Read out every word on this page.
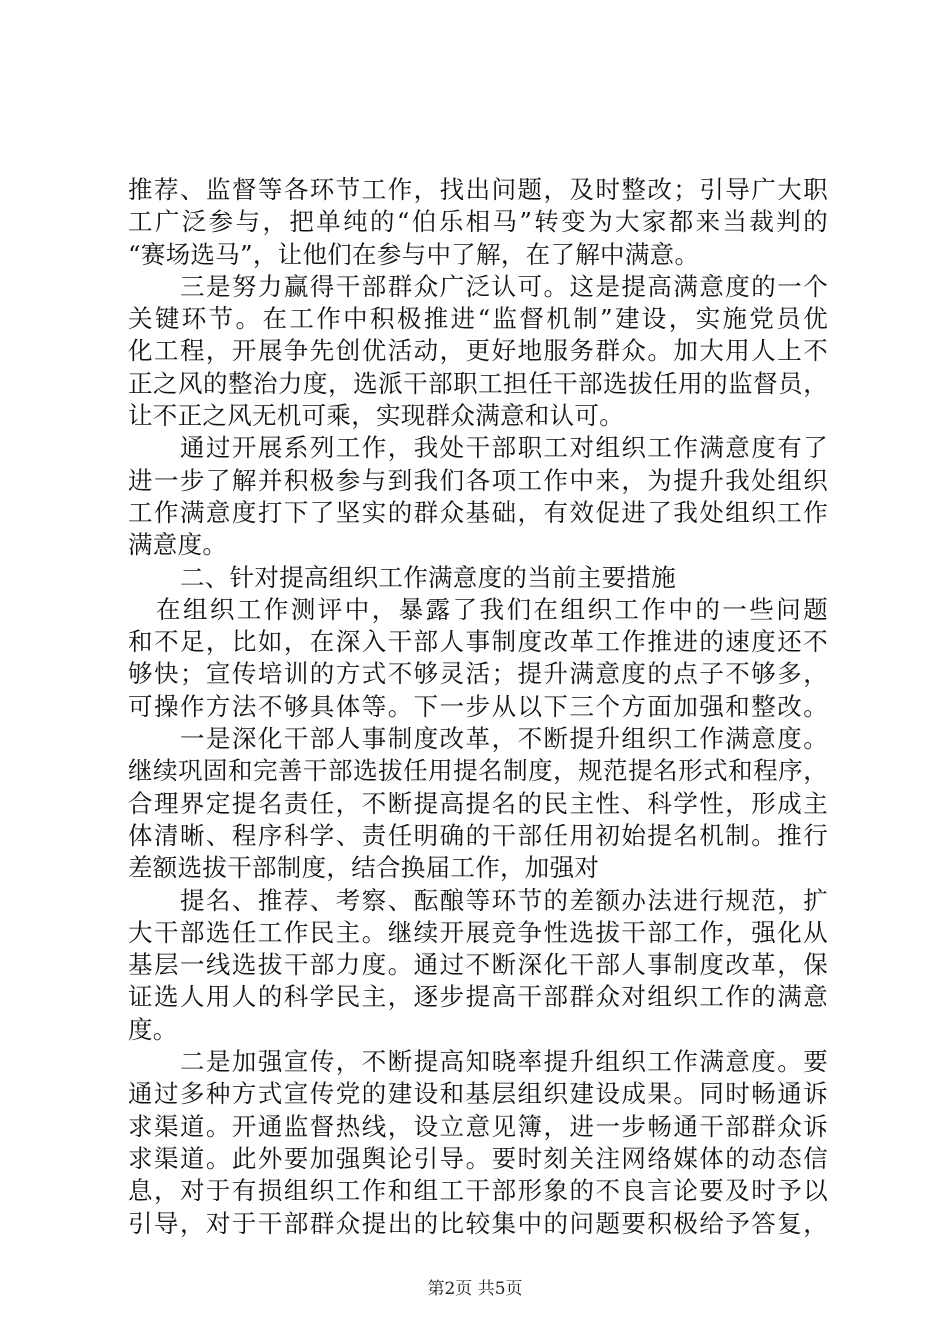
推荐、监督等各环节工作，找出问题，及时整改；引导广大职
工广泛参与，把单纯的“伯乐相马”转变为大家都来当裁判的
“赛场选马”，让他们在参与中了解，在了解中满意。
三是努力赢得干部群众广泛认可。这是提高满意度的一个
关键环节。在工作中积极推进“监督机制”建设，实施党员优
化工程，开展争先创优活动，更好地服务群众。加大用人上不
正之风的整治力度，选派干部职工担任干部选拔任用的监督员，
让不正之风无机可乘，实现群众满意和认可。
通过开展系列工作，我处干部职工对组织工作满意度有了
进一步了解并积极参与到我们各项工作中来，为提升我处组织
工作满意度打下了坚实的群众基础，有效促进了我处组织工作
满意度。
二、针对提高组织工作满意度的当前主要措施
在组织工作测评中，暴露了我们在组织工作中的一些问题
和不足，比如，在深入干部人事制度改革工作推进的速度还不
够快；宣传培训的方式不够灵活；提升满意度的点子不够多，
可操作方法不够具体等。下一步从以下三个方面加强和整改。
一是深化干部人事制度改革，不断提升组织工作满意度。
继续巩固和完善干部选拔任用提名制度，规范提名形式和程序，
合理界定提名责任，不断提高提名的民主性、科学性，形成主
体清晰、程序科学、责任明确的干部任用初始提名机制。推行
差额选拔干部制度，结合换届工作，加强对
提名、推荐、考察、酝酿等环节的差额办法进行规范，扩
大干部选任工作民主。继续开展竞争性选拔干部工作，强化从
基层一线选拔干部力度。通过不断深化干部人事制度改革，保
证选人用人的科学民主，逐步提高干部群众对组织工作的满意
度。
二是加强宣传，不断提高知晓率提升组织工作满意度。要
通过多种方式宣传党的建设和基层组织建设成果。同时畅通诉
求渠道。开通监督热线，设立意见簿，进一步畅通干部群众诉
求渠道。此外要加强舆论引导。要时刻关注网络媒体的动态信
息，对于有损组织工作和组工干部形象的不良言论要及时予以
引导，对于干部群众提出的比较集中的问题要积极给予答复，
第2页 共5页
